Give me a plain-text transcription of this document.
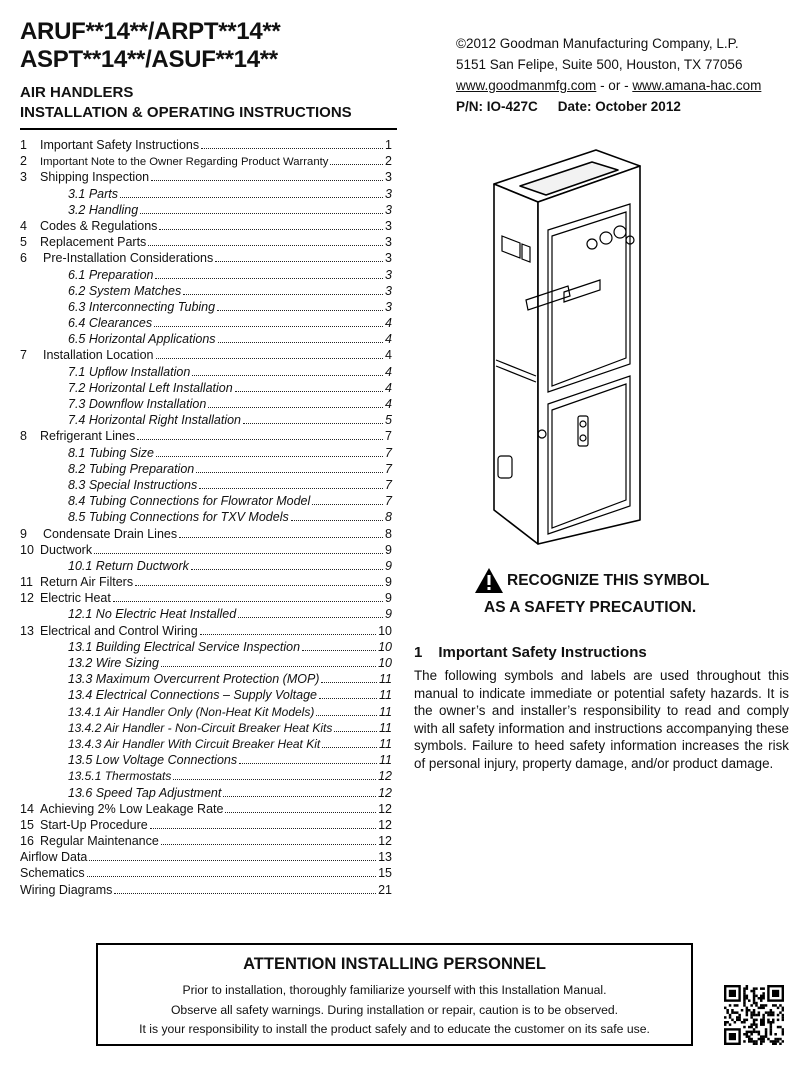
ARUF**14**/ARPT**14**
ASPT**14**/ASUF**14**
AIR HANDLERS
INSTALLATION & OPERATING INSTRUCTIONS
©2012 Goodman Manufacturing Company, L.P.
5151 San Felipe, Suite 500, Houston, TX 77056
www.goodmanmfg.com - or - www.amana-hac.com
P/N: IO-427C Date: October 2012
1	Important Safety Instructions	1
2	Important Note to the Owner Regarding Product Warranty	2
3	Shipping Inspection	3
3.1 Parts	3
3.2 Handling	3
4	Codes & Regulations	3
5	Replacement Parts	3
6	Pre-Installation Considerations	3
6.1 Preparation	3
6.2 System Matches	3
6.3 Interconnecting Tubing	3
6.4 Clearances	4
6.5 Horizontal Applications	4
7	Installation Location	4
7.1 Upflow Installation	4
7.2 Horizontal Left Installation	4
7.3 Downflow Installation	4
7.4 Horizontal Right Installation	5
8	Refrigerant Lines	7
8.1 Tubing Size	7
8.2 Tubing Preparation	7
8.3 Special Instructions	7
8.4 Tubing Connections for Flowrator Model	7
8.5 Tubing Connections for TXV Models	8
9	Condensate Drain Lines	8
10 Ductwork	9
10.1 Return Ductwork	9
11 Return Air Filters	9
12 Electric Heat	9
12.1 No Electric Heat Installed	9
13 Electrical and Control Wiring	10
13.1 Building Electrical Service Inspection	10
13.2 Wire Sizing	10
13.3 Maximum Overcurrent Protection (MOP)	11
13.4 Electrical Connections – Supply Voltage	11
13.4.1 Air Handler Only (Non-Heat Kit Models)	11
13.4.2 Air Handler - Non-Circuit Breaker Heat Kits	11
13.4.3 Air Handler With Circuit Breaker Heat Kit	11
13.5 Low Voltage Connections	11
13.5.1 Thermostats	12
13.6 Speed Tap Adjustment	12
14 Achieving 2% Low Leakage Rate	12
15 Start-Up Procedure	12
16 Regular Maintenance	12
Airflow Data	13
Schematics	15
Wiring Diagrams	21
RECOGNIZE THIS SYMBOL
AS A SAFETY PRECAUTION.
1 Important Safety Instructions
The following symbols and labels are used throughout this manual to indicate immediate or potential safety hazards. It is the owner’s and installer’s responsibility to read and comply with all safety information and instructions accompanying these symbols. Failure to heed safety information increases the risk of personal injury, property damage, and/or product damage.
ATTENTION INSTALLING PERSONNEL
Prior to installation, thoroughly familiarize yourself with this Installation Manual.
Observe all safety warnings. During installation or repair, caution is to be observed.
It is your responsibility to install the product safely and to educate the customer on its safe use.
